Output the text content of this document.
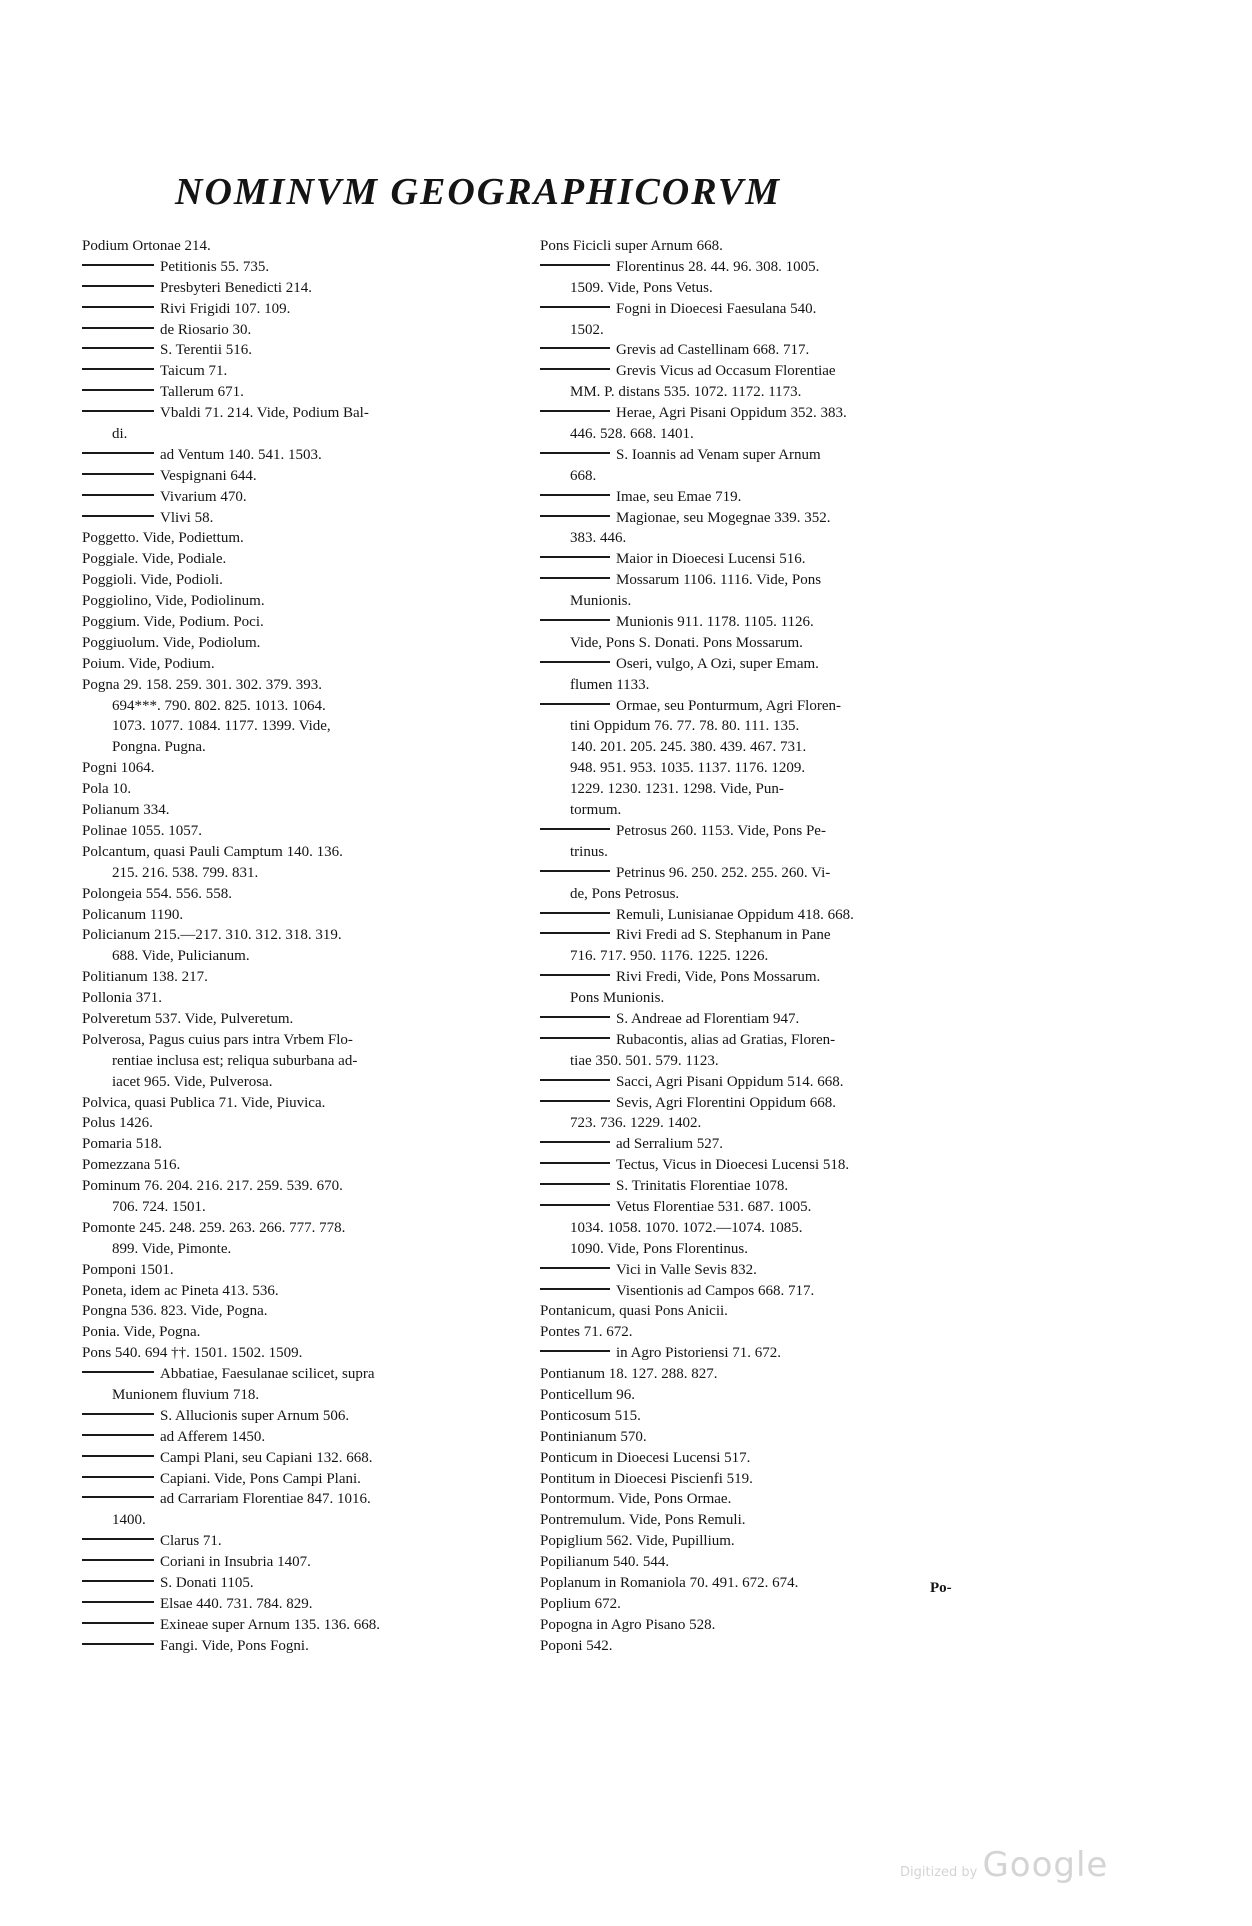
NOMINVM GEOGRAPHICORVM
Podium Ortonae 214.
Petitionis 55. 735.
Presbyteri Benedicti 214.
Rivi Frigidi 107. 109.
de Riosario 30.
S. Terentii 516.
Taicum 71.
Tallerum 671.
Vbaldi 71. 214. Vide, Podium Bal-
di.
ad Ventum 140. 541. 1503.
Vespignani 644.
Vivarium 470.
Vlivi 58.
Poggetto. Vide, Podiettum.
Poggiale. Vide, Podiale.
Poggioli. Vide, Podioli.
Poggiolino, Vide, Podiolinum.
Poggium. Vide, Podium. Poci.
Poggiuolum. Vide, Podiolum.
Poium. Vide, Podium.
Pogna 29. 158. 259. 301. 302. 379. 393.
694***. 790. 802. 825. 1013. 1064.
1073. 1077. 1084. 1177. 1399. Vide,
Pongna. Pugna.
Pogni 1064.
Pola 10.
Polianum 334.
Polinae 1055. 1057.
Polcantum, quasi Pauli Camptum 140. 136.
215. 216. 538. 799. 831.
Polongeia 554. 556. 558.
Policanum 1190.
Policianum 215.—217. 310. 312. 318. 319.
688. Vide, Pulicianum.
Politianum 138. 217.
Pollonia 371.
Polveretum 537. Vide, Pulveretum.
Polverosa, Pagus cuius pars intra Vrbem Flo-
rentiae inclusa est; reliqua suburbana ad-
iacet 965. Vide, Pulverosa.
Polvica, quasi Publica 71. Vide, Piuvica.
Polus 1426.
Pomaria 518.
Pomezzana 516.
Pominum 76. 204. 216. 217. 259. 539. 670.
706. 724. 1501.
Pomonte 245. 248. 259. 263. 266. 777. 778.
899. Vide, Pimonte.
Pomponi 1501.
Poneta, idem ac Pineta 413. 536.
Pongna 536. 823. Vide, Pogna.
Ponia. Vide, Pogna.
Pons 540. 694 ††. 1501. 1502. 1509.
Abbatiae, Faesulanae scilicet, supra
Munionem fluvium 718.
S. Allucionis super Arnum 506.
ad Afferem 1450.
Campi Plani, seu Capiani 132. 668.
Capiani. Vide, Pons Campi Plani.
ad Carrariam Florentiae 847. 1016.
1400.
Clarus 71.
Coriani in Insubria 1407.
S. Donati 1105.
Elsae 440. 731. 784. 829.
Exineae super Arnum 135. 136. 668.
Fangi. Vide, Pons Fogni.
Pons Ficicli super Arnum 668.
Florentinus 28. 44. 96. 308. 1005.
1509. Vide, Pons Vetus.
Fogni in Dioecesi Faesulana 540.
1502.
Grevis ad Castellinam 668. 717.
Grevis Vicus ad Occasum Florentiae
MM. P. distans 535. 1072. 1172. 1173.
Herae, Agri Pisani Oppidum 352. 383.
446. 528. 668. 1401.
S. Ioannis ad Venam super Arnum
668.
Imae, seu Emae 719.
Magionae, seu Mogegnae 339. 352.
383. 446.
Maior in Dioecesi Lucensi 516.
Mossarum 1106. 1116. Vide, Pons
Munionis.
Munionis 911. 1178. 1105. 1126.
Vide, Pons S. Donati. Pons Mossarum.
Oseri, vulgo, A Ozi, super Emam.
flumen 1133.
Ormae, seu Ponturmum, Agri Floren-
tini Oppidum 76. 77. 78. 80. 111. 135.
140. 201. 205. 245. 380. 439. 467. 731.
948. 951. 953. 1035. 1137. 1176. 1209.
1229. 1230. 1231. 1298. Vide, Pun-
tormum.
Petrosus 260. 1153. Vide, Pons Pe-
trinus.
Petrinus 96. 250. 252. 255. 260. Vi-
de, Pons Petrosus.
Remuli, Lunisianae Oppidum 418. 668.
Rivi Fredi ad S. Stephanum in Pane
716. 717. 950. 1176. 1225. 1226.
Rivi Fredi, Vide, Pons Mossarum.
Pons Munionis.
S. Andreae ad Florentiam 947.
Rubacontis, alias ad Gratias, Floren-
tiae 350. 501. 579. 1123.
Sacci, Agri Pisani Oppidum 514. 668.
Sevis, Agri Florentini Oppidum 668.
723. 736. 1229. 1402.
ad Serralium 527.
Tectus, Vicus in Dioecesi Lucensi 518.
S. Trinitatis Florentiae 1078.
Vetus Florentiae 531. 687. 1005.
1034. 1058. 1070. 1072.—1074. 1085.
1090. Vide, Pons Florentinus.
Vici in Valle Sevis 832.
Visentionis ad Campos 668. 717.
Pontanicum, quasi Pons Anicii.
Pontes 71. 672.
in Agro Pistoriensi 71. 672.
Pontianum 18. 127. 288. 827.
Ponticellum 96.
Ponticosum 515.
Pontinianum 570.
Ponticum in Dioecesi Lucensi 517.
Pontitum in Dioecesi Piscienfi 519.
Pontormum. Vide, Pons Ormae.
Pontremulum. Vide, Pons Remuli.
Popiglium 562. Vide, Pupillium.
Popilianum 540. 544.
Poplanum in Romaniola 70. 491. 672. 674.
Poplium 672.
Popogna in Agro Pisano 528.
Poponi 542.
Po-
Digitized by Google
